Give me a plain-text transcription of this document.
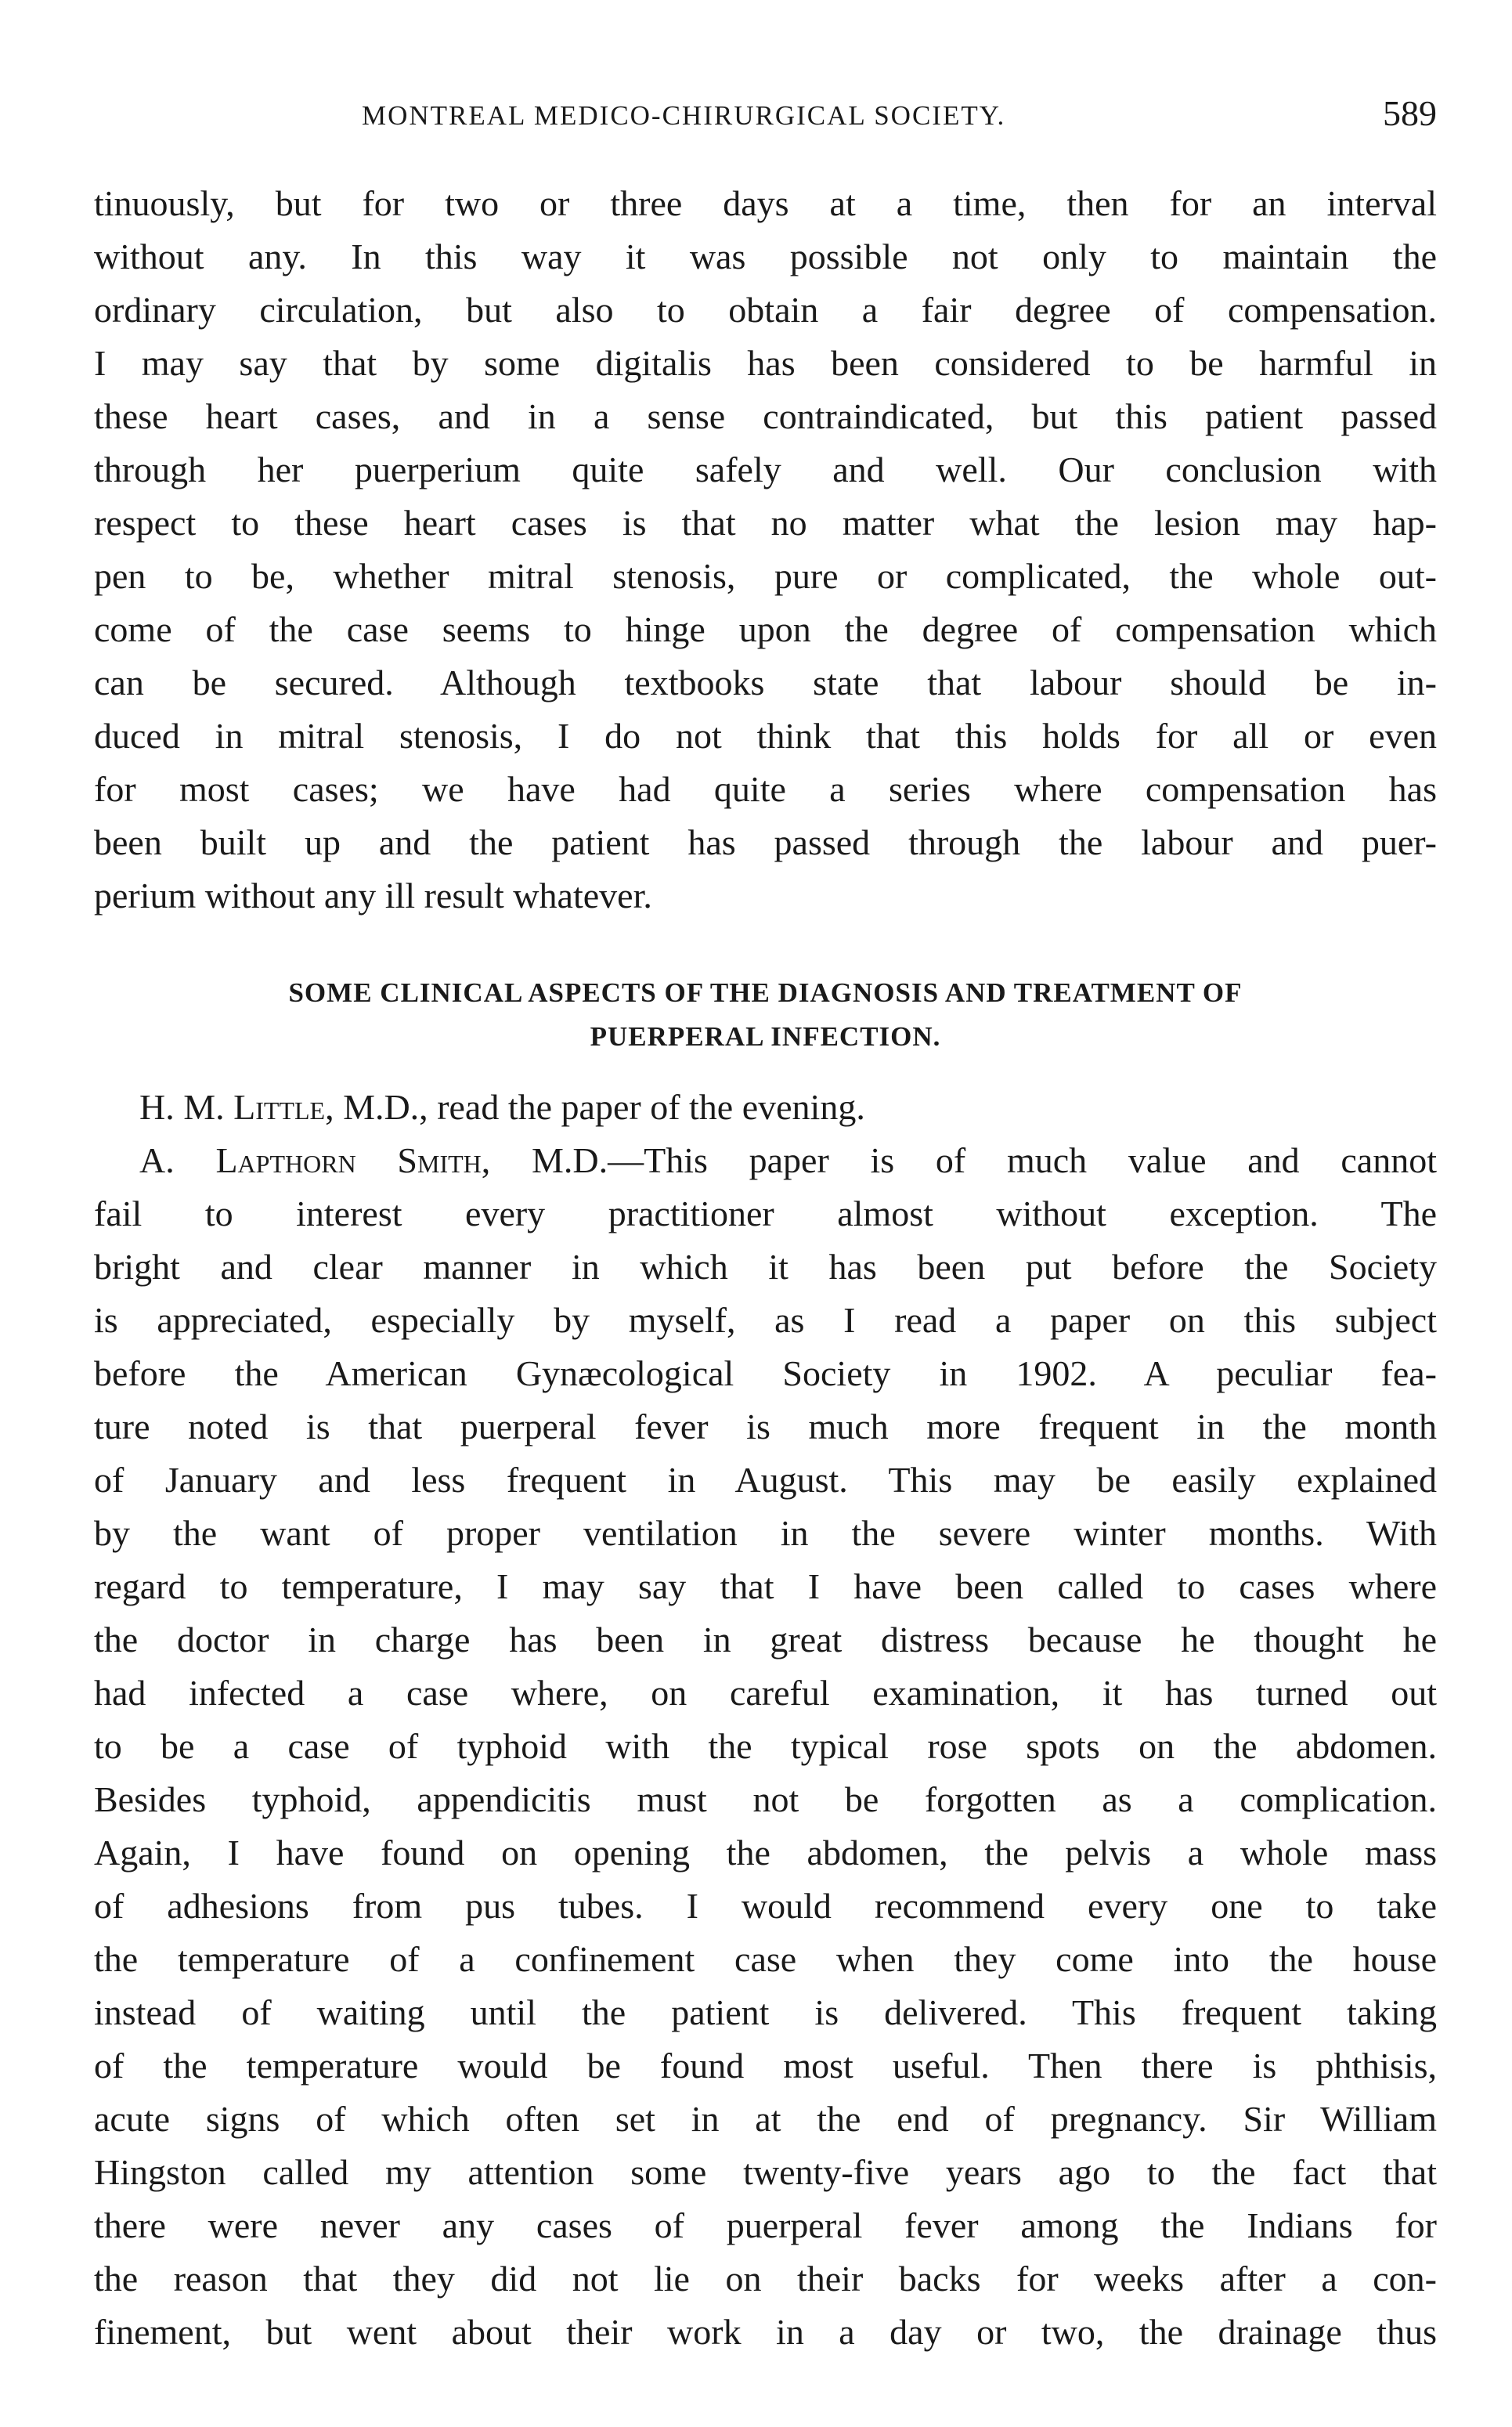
MONTREAL MEDICO-CHIRURGICAL SOCIETY.	589
tinuously, but for two or three days at a time, then for an interval
without any. In this way it was possible not only to maintain the
ordinary circulation, but also to obtain a fair degree of compensation.
I may say that by some digitalis has been considered to be harmful in
these heart cases, and in a sense contraindicated, but this patient passed
through her puerperium quite safely and well. Our conclusion with
respect to these heart cases is that no matter what the lesion may hap-
pen to be, whether mitral stenosis, pure or complicated, the whole out-
come of the case seems to hinge upon the degree of compensation which
can be secured. Although textbooks state that labour should be in-
duced in mitral stenosis, I do not think that this holds for all or even
for most cases; we have had quite a series where compensation has
been built up and the patient has passed through the labour and puer-
perium without any ill result whatever.
SOME CLINICAL ASPECTS OF THE DIAGNOSIS AND TREATMENT OF
PUERPERAL INFECTION.
H. M. Little, M.D., read the paper of the evening.
A. Lapthorn Smith, M.D.—This paper is of much value and cannot
fail to interest every practitioner almost without exception. The
bright and clear manner in which it has been put before the Society
is appreciated, especially by myself, as I read a paper on this subject
before the American Gynæcological Society in 1902. A peculiar fea-
ture noted is that puerperal fever is much more frequent in the month
of January and less frequent in August. This may be easily explained
by the want of proper ventilation in the severe winter months. With
regard to temperature, I may say that I have been called to cases where
the doctor in charge has been in great distress because he thought he
had infected a case where, on careful examination, it has turned out
to be a case of typhoid with the typical rose spots on the abdomen.
Besides typhoid, appendicitis must not be forgotten as a complication.
Again, I have found on opening the abdomen, the pelvis a whole mass
of adhesions from pus tubes. I would recommend every one to take
the temperature of a confinement case when they come into the house
instead of waiting until the patient is delivered. This frequent taking
of the temperature would be found most useful. Then there is phthisis,
acute signs of which often set in at the end of pregnancy. Sir William
Hingston called my attention some twenty-five years ago to the fact that
there were never any cases of puerperal fever among the Indians for
the reason that they did not lie on their backs for weeks after a con-
finement, but went about their work in a day or two, the drainage thus
